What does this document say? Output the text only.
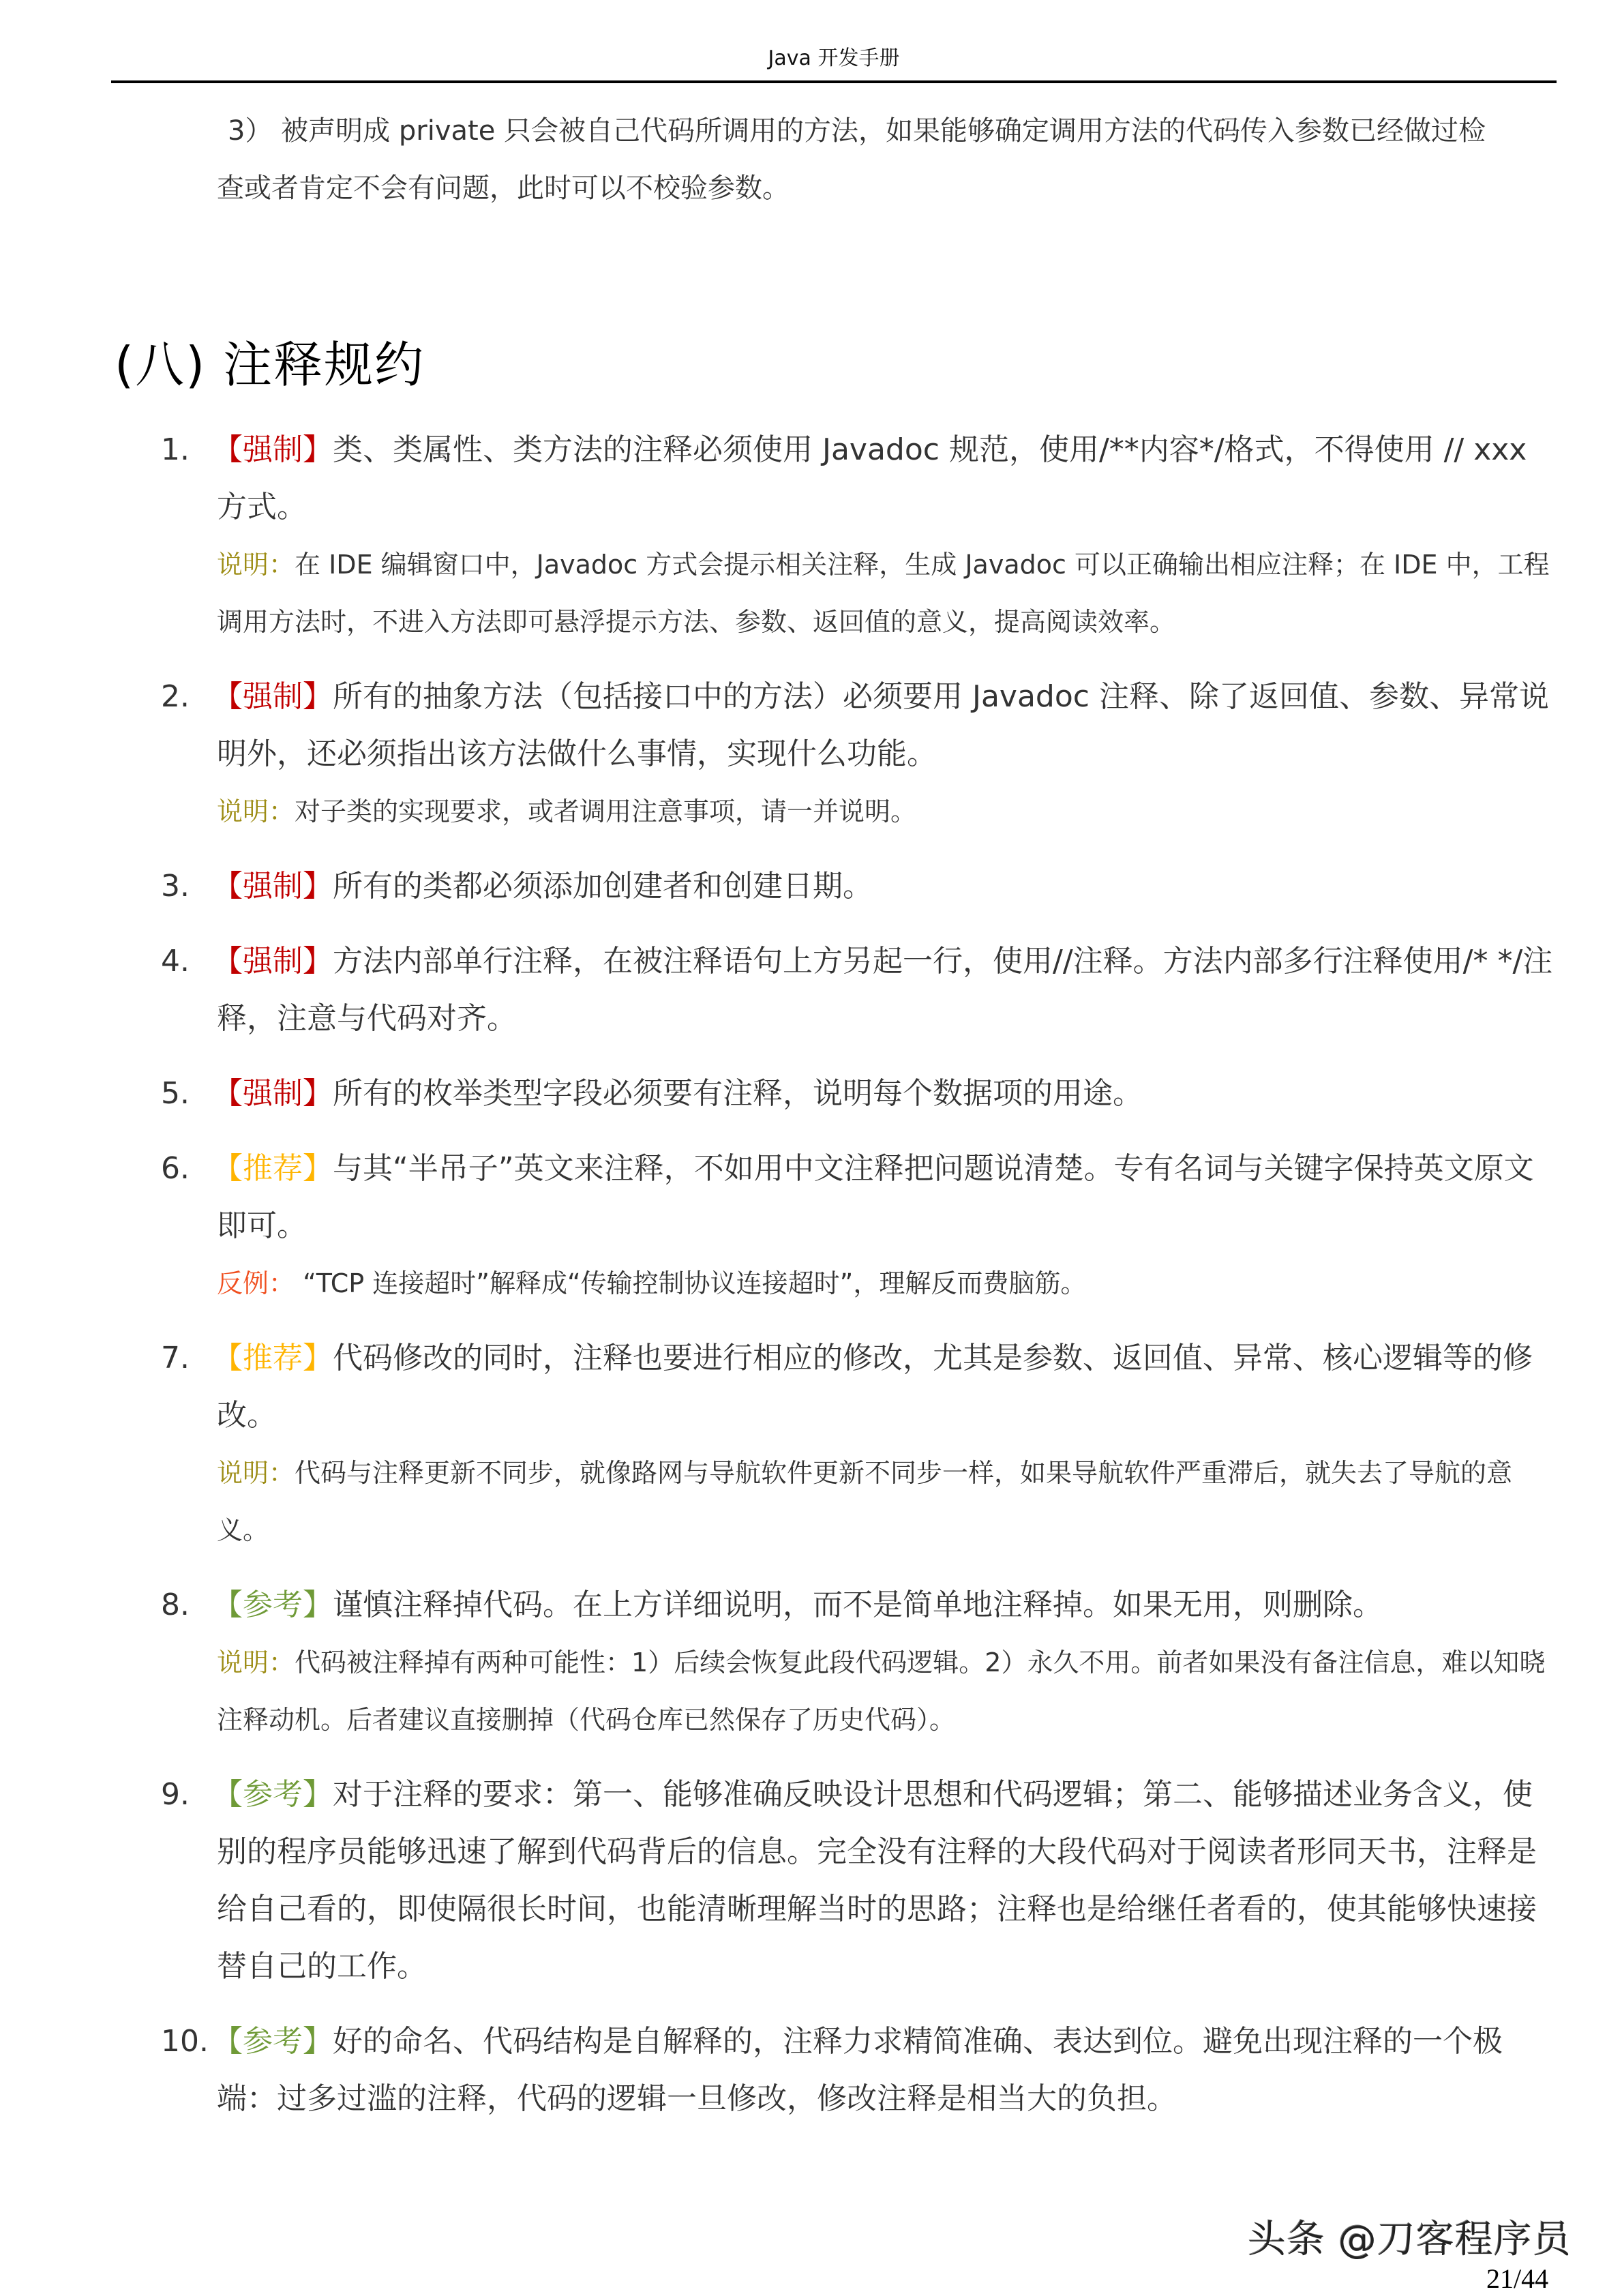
Java 开发手册
3） 被声明成 private 只会被自己代码所调用的方法，如果能够确定调用方法的代码传入参数已经做过检
查或者肯定不会有问题，此时可以不校验参数。
(八) 注释规约
1. 【强制】类、类属性、类方法的注释必须使用 Javadoc 规范，使用/**内容*/格式，不得使用 // xxx 方式。
说明：在 IDE 编辑窗口中，Javadoc 方式会提示相关注释，生成 Javadoc 可以正确输出相应注释；在 IDE 中，工程调用方法时，不进入方法即可悬浮提示方法、参数、返回值的意义，提高阅读效率。
2. 【强制】所有的抽象方法（包括接口中的方法）必须要用 Javadoc 注释、除了返回值、参数、异常说明外，还必须指出该方法做什么事情，实现什么功能。
说明：对子类的实现要求，或者调用注意事项，请一并说明。
3. 【强制】所有的类都必须添加创建者和创建日期。
4. 【强制】方法内部单行注释，在被注释语句上方另起一行，使用//注释。方法内部多行注释使用/* */注释，注意与代码对齐。
5. 【强制】所有的枚举类型字段必须要有注释，说明每个数据项的用途。
6. 【推荐】与其“半吊子”英文来注释，不如用中文注释把问题说清楚。专有名词与关键字保持英文原文即可。
反例： “TCP 连接超时”解释成“传输控制协议连接超时”，理解反而费脑筋。
7. 【推荐】代码修改的同时，注释也要进行相应的修改，尤其是参数、返回值、异常、核心逻辑等的修改。
说明：代码与注释更新不同步，就像路网与导航软件更新不同步一样，如果导航软件严重滞后，就失去了导航的意义。
8. 【参考】谨慎注释掉代码。在上方详细说明，而不是简单地注释掉。如果无用，则删除。
说明：代码被注释掉有两种可能性：1）后续会恢复此段代码逻辑。2）永久不用。前者如果没有备注信息，难以知晓注释动机。后者建议直接删掉（代码仓库已然保存了历史代码）。
9. 【参考】对于注释的要求：第一、能够准确反映设计思想和代码逻辑；第二、能够描述业务含义，使别的程序员能够迅速了解到代码背后的信息。完全没有注释的大段代码对于阅读者形同天书，注释是给自己看的，即使隔很长时间，也能清晰理解当时的思路；注释也是给继任者看的，使其能够快速接替自己的工作。
10. 【参考】好的命名、代码结构是自解释的，注释力求精简准确、表达到位。避免出现注释的一个极端：过多过滥的注释，代码的逻辑一旦修改，修改注释是相当大的负担。
头条 @刀客程序员
21/44
